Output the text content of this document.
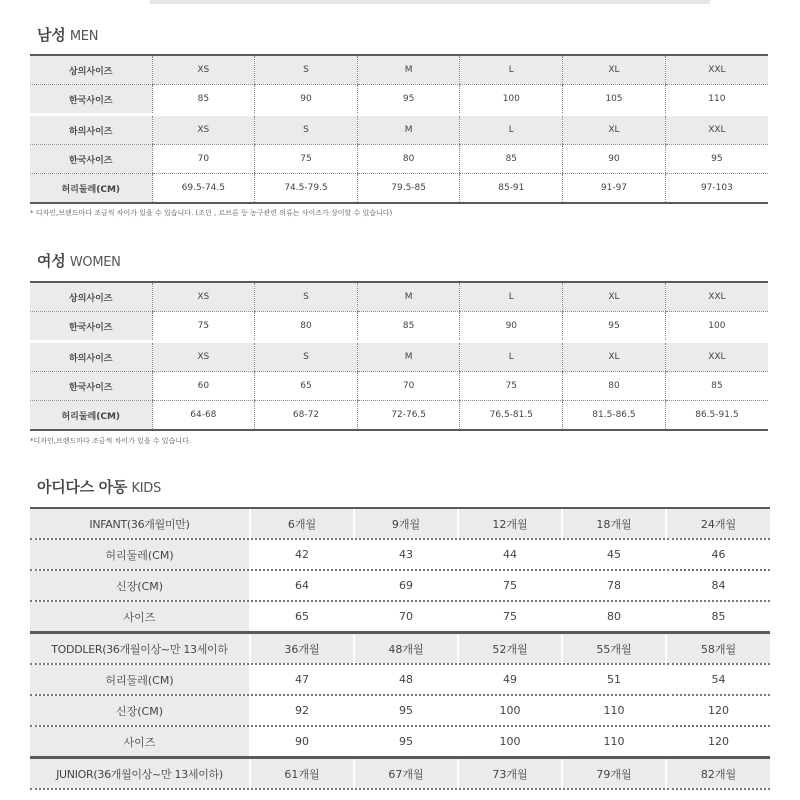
남성 MEN
상의사이즈	XS	S	M	L	XL	XXL
한국사이즈	85	90	95	100	105	110
하의사이즈	XS	S	M	L	XL	XXL
한국사이즈	70	75	80	85	90	95
허리둘레(CM)	69.5-74.5	74.5-79.5	79.5-85	85-91	91-97	97-103
* 디자인,브랜드마다 조금씩 차이가 있을 수 있습니다. (조던 , 르브론 등 농구관련 의류는 사이즈가 상이할 수 있습니다)
여성 WOMEN
상의사이즈	XS	S	M	L	XL	XXL
한국사이즈	75	80	85	90	95	100
하의사이즈	XS	S	M	L	XL	XXL
한국사이즈	60	65	70	75	80	85
허리둘레(CM)	64-68	68-72	72-76.5	76.5-81.5	81.5-86.5	86.5-91.5
*디자인,브랜드마다 조금씩 차이가 있을 수 있습니다.
아디다스 아동 KIDS
INFANT(36개월미만)	6개월	9개월	12개월	18개월	24개월
허리둘레(CM)	42	43	44	45	46
신장(CM)	64	69	75	78	84
사이즈	65	70	75	80	85
TODDLER(36개월이상~만 13세이하	36개월	48개월	52개월	55개월	58개월
허리둘레(CM)	47	48	49	51	54
신장(CM)	92	95	100	110	120
사이즈	90	95	100	110	120
JUNIOR(36개월이상~만 13세이하)	61개월	67개월	73개월	79개월	82개월
